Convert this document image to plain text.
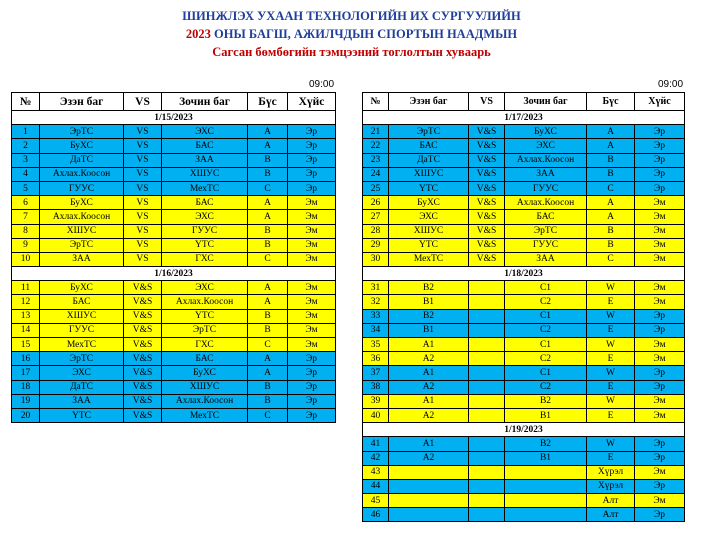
ШИНЖЛЭХ УХААН ТЕХНОЛОГИЙН ИХ СУРГУУЛИЙН
2023 ОНЫ БАГШ, АЖИЛЧДЫН СПОРТЫН НААДМЫН
Сагсан бөмбөгийн тэмцээний тоглолтын хуваарь
09:00	09:00
№	Эзэн баг	VS	Зочин баг	Бүс	Хүйс
1/15/2023					
1	ЭрТС	VS	ЭХС	A	Эр
2	БуХС	VS	БАС	A	Эр
3	ДаТС	VS	ЗАА	B	Эр
4	Ахлах.Коосон	VS	ХШУС	B	Эр
5	ГУУС	VS	МехТС	C	Эр
6	БуХС	VS	БАС	A	Эм
7	Ахлах.Коосон	VS	ЭХС	A	Эм
8	ХШУС	VS	ГУУС	B	Эм
9	ЭрТС	VS	ҮТС	B	Эм
10	ЗАА	VS	ГХС	C	Эм
1/16/2023					
11	БуХС	V&S	ЭХС	A	Эм
12	БАС	V&S	Ахлах.Коосон	A	Эм
13	ХШУС	V&S	ҮТС	B	Эм
14	ГУУС	V&S	ЭрТС	B	Эм
15	МехТС	V&S	ГХС	C	Эм
16	ЭрТС	V&S	БАС	A	Эр
17	ЭХС	V&S	БуХС	A	Эр
18	ДаТС	V&S	ХШУС	B	Эр
19	ЗАА	V&S	Ахлах.Коосон	B	Эр
20	ҮТС	V&S	МехТС	C	Эр
№	Эзэн баг	VS	Зочин баг	Бүс	Хүйс
1/17/2023					
21	ЭрТС	V&S	БуХС	A	Эр
22	БАС	V&S	ЭХС	A	Эр
23	ДаТС	V&S	Ахлах.Коосон	B	Эр
24	ХШУС	V&S	ЗАА	B	Эр
25	ҮТС	V&S	ГУУС	C	Эр
26	БуХС	V&S	Ахлах.Коосон	A	Эм
27	ЭХС	V&S	БАС	A	Эм
28	ХШУС	V&S	ЭрТС	B	Эм
29	ҮТС	V&S	ГУУС	B	Эм
30	МехТС	V&S	ЗАА	C	Эм
1/18/2023					
31	B2		C1	W	Эм
32	B1		C2	E	Эм
33	B2		C1	W	Эр
34	B1		C2	E	Эр
35	A1		C1	W	Эм
36	A2		C2	E	Эм
37	A1		C1	W	Эр
38	A2		C2	E	Эр
39	A1		B2	W	Эм
40	A2		B1	E	Эм
1/19/2023					
41	A1		B2	W	Эр
42	A2		B1	E	Эр
43				Хүрэл	Эм
44				Хүрэл	Эр
45				Алт	Эм
46				Алт	Эр
